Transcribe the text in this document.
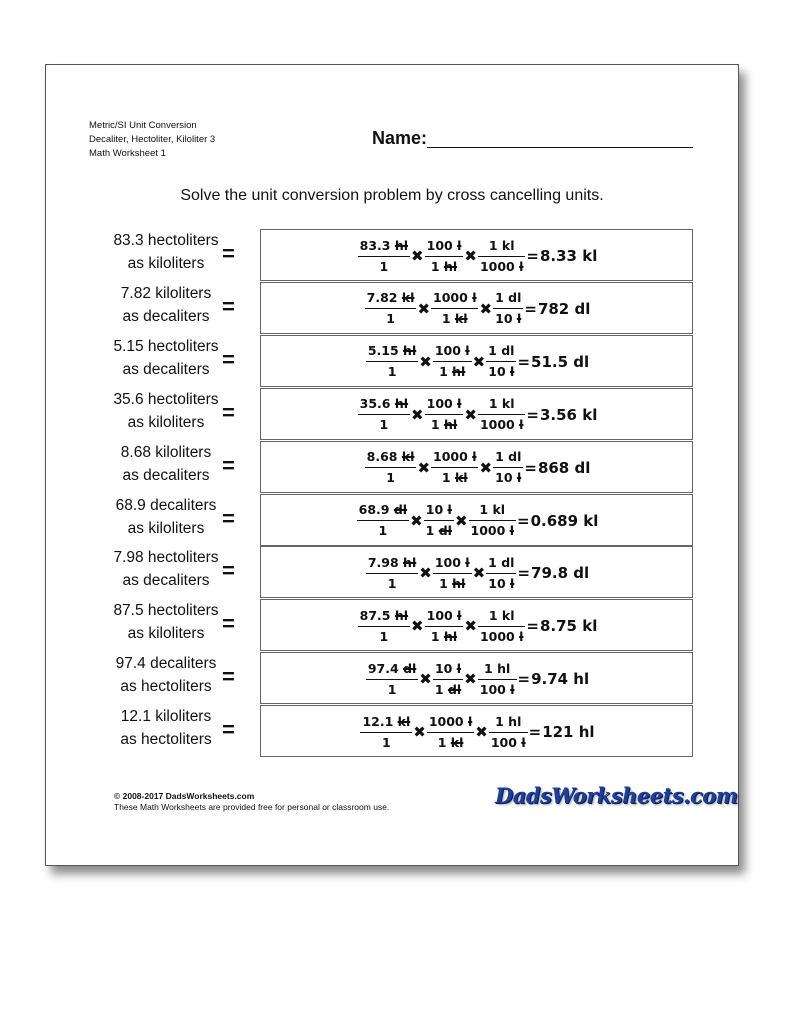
Metric/SI Unit Conversion
Decaliter, Hectoliter, Kiloliter 3
Math Worksheet 1
Name:
Solve the unit conversion problem by cross cancelling units.
83.3 hectoliters
as kiloliters =	$\frac{83.3 hl}{1}$ ✖ $\frac{100 l}{1 hl}$ ✖ $\frac{1 kl}{1000 l} = 8.33$ kl
7.82 kiloliters
as decaliters =	$\frac{7.82 kl}{1}$ ✖ $\frac{1000 l}{1 kl}$ ✖ $\frac{1 dl}{10 l} = 782$ dl
5.15 hectoliters
as decaliters =	$\frac{5.15 hl}{1}$ ✖ $\frac{100 l}{1 hl}$ ✖ $\frac{1 dl}{10 l} = 51.5$ dl
35.6 hectoliters
as kiloliters =	$\frac{35.6 hl}{1}$ ✖ $\frac{100 l}{1 hl}$ ✖ $\frac{1 kl}{1000 l} = 3.56$ kl
8.68 kiloliters
as decaliters =	$\frac{8.68 kl}{1}$ ✖ $\frac{1000 l}{1 kl}$ ✖ $\frac{1 dl}{10 l} = 868$ dl
68.9 decaliters
as kiloliters =	$\frac{68.9 dl}{1}$ ✖ $\frac{10 l}{1 dl}$ ✖ $\frac{1 kl}{1000 l} = 0.689$ kl
7.98 hectoliters
as decaliters =	$\frac{7.98 hl}{1}$ ✖ $\frac{100 l}{1 hl}$ ✖ $\frac{1 dl}{10 l} = 79.8$ dl
87.5 hectoliters
as kiloliters =	$\frac{87.5 hl}{1}$ ✖ $\frac{100 l}{1 hl}$ ✖ $\frac{1 kl}{1000 l} = 8.75$ kl
97.4 decaliters
as hectoliters =	$\frac{97.4 dl}{1}$ ✖ $\frac{10 l}{1 dl}$ ✖ $\frac{1 hl}{100 l} = 9.74$ hl
12.1 kiloliters
as hectoliters =	$\frac{12.1 kl}{1}$ ✖ $\frac{1000 l}{1 kl}$ ✖ $\frac{1 hl}{100 l} = 121$ hl
© 2008-2017 DadsWorksheets.com
These Math Worksheets are provided free for personal or classroom use.	DadsWorksheets.com
